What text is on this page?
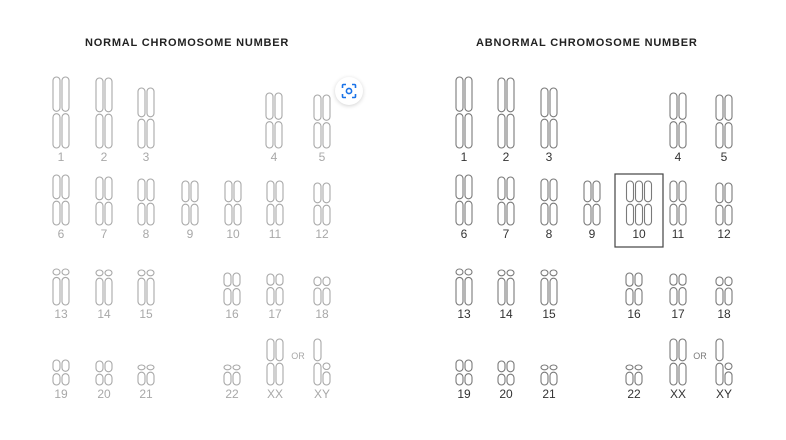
NORMAL CHROMOSOME NUMBER	ABNORMAL CHROMOSOME NUMBER
1	2	3	4	5
6	7	8	9	10 11	12
13 14 15	16 17	18
19 20 21	22 XX
OR
XY
1	2	3	4	5
6	7	8	9	10 11	12
13 14 15	16	17	18
19 20 21	22 XX
OR
XY
